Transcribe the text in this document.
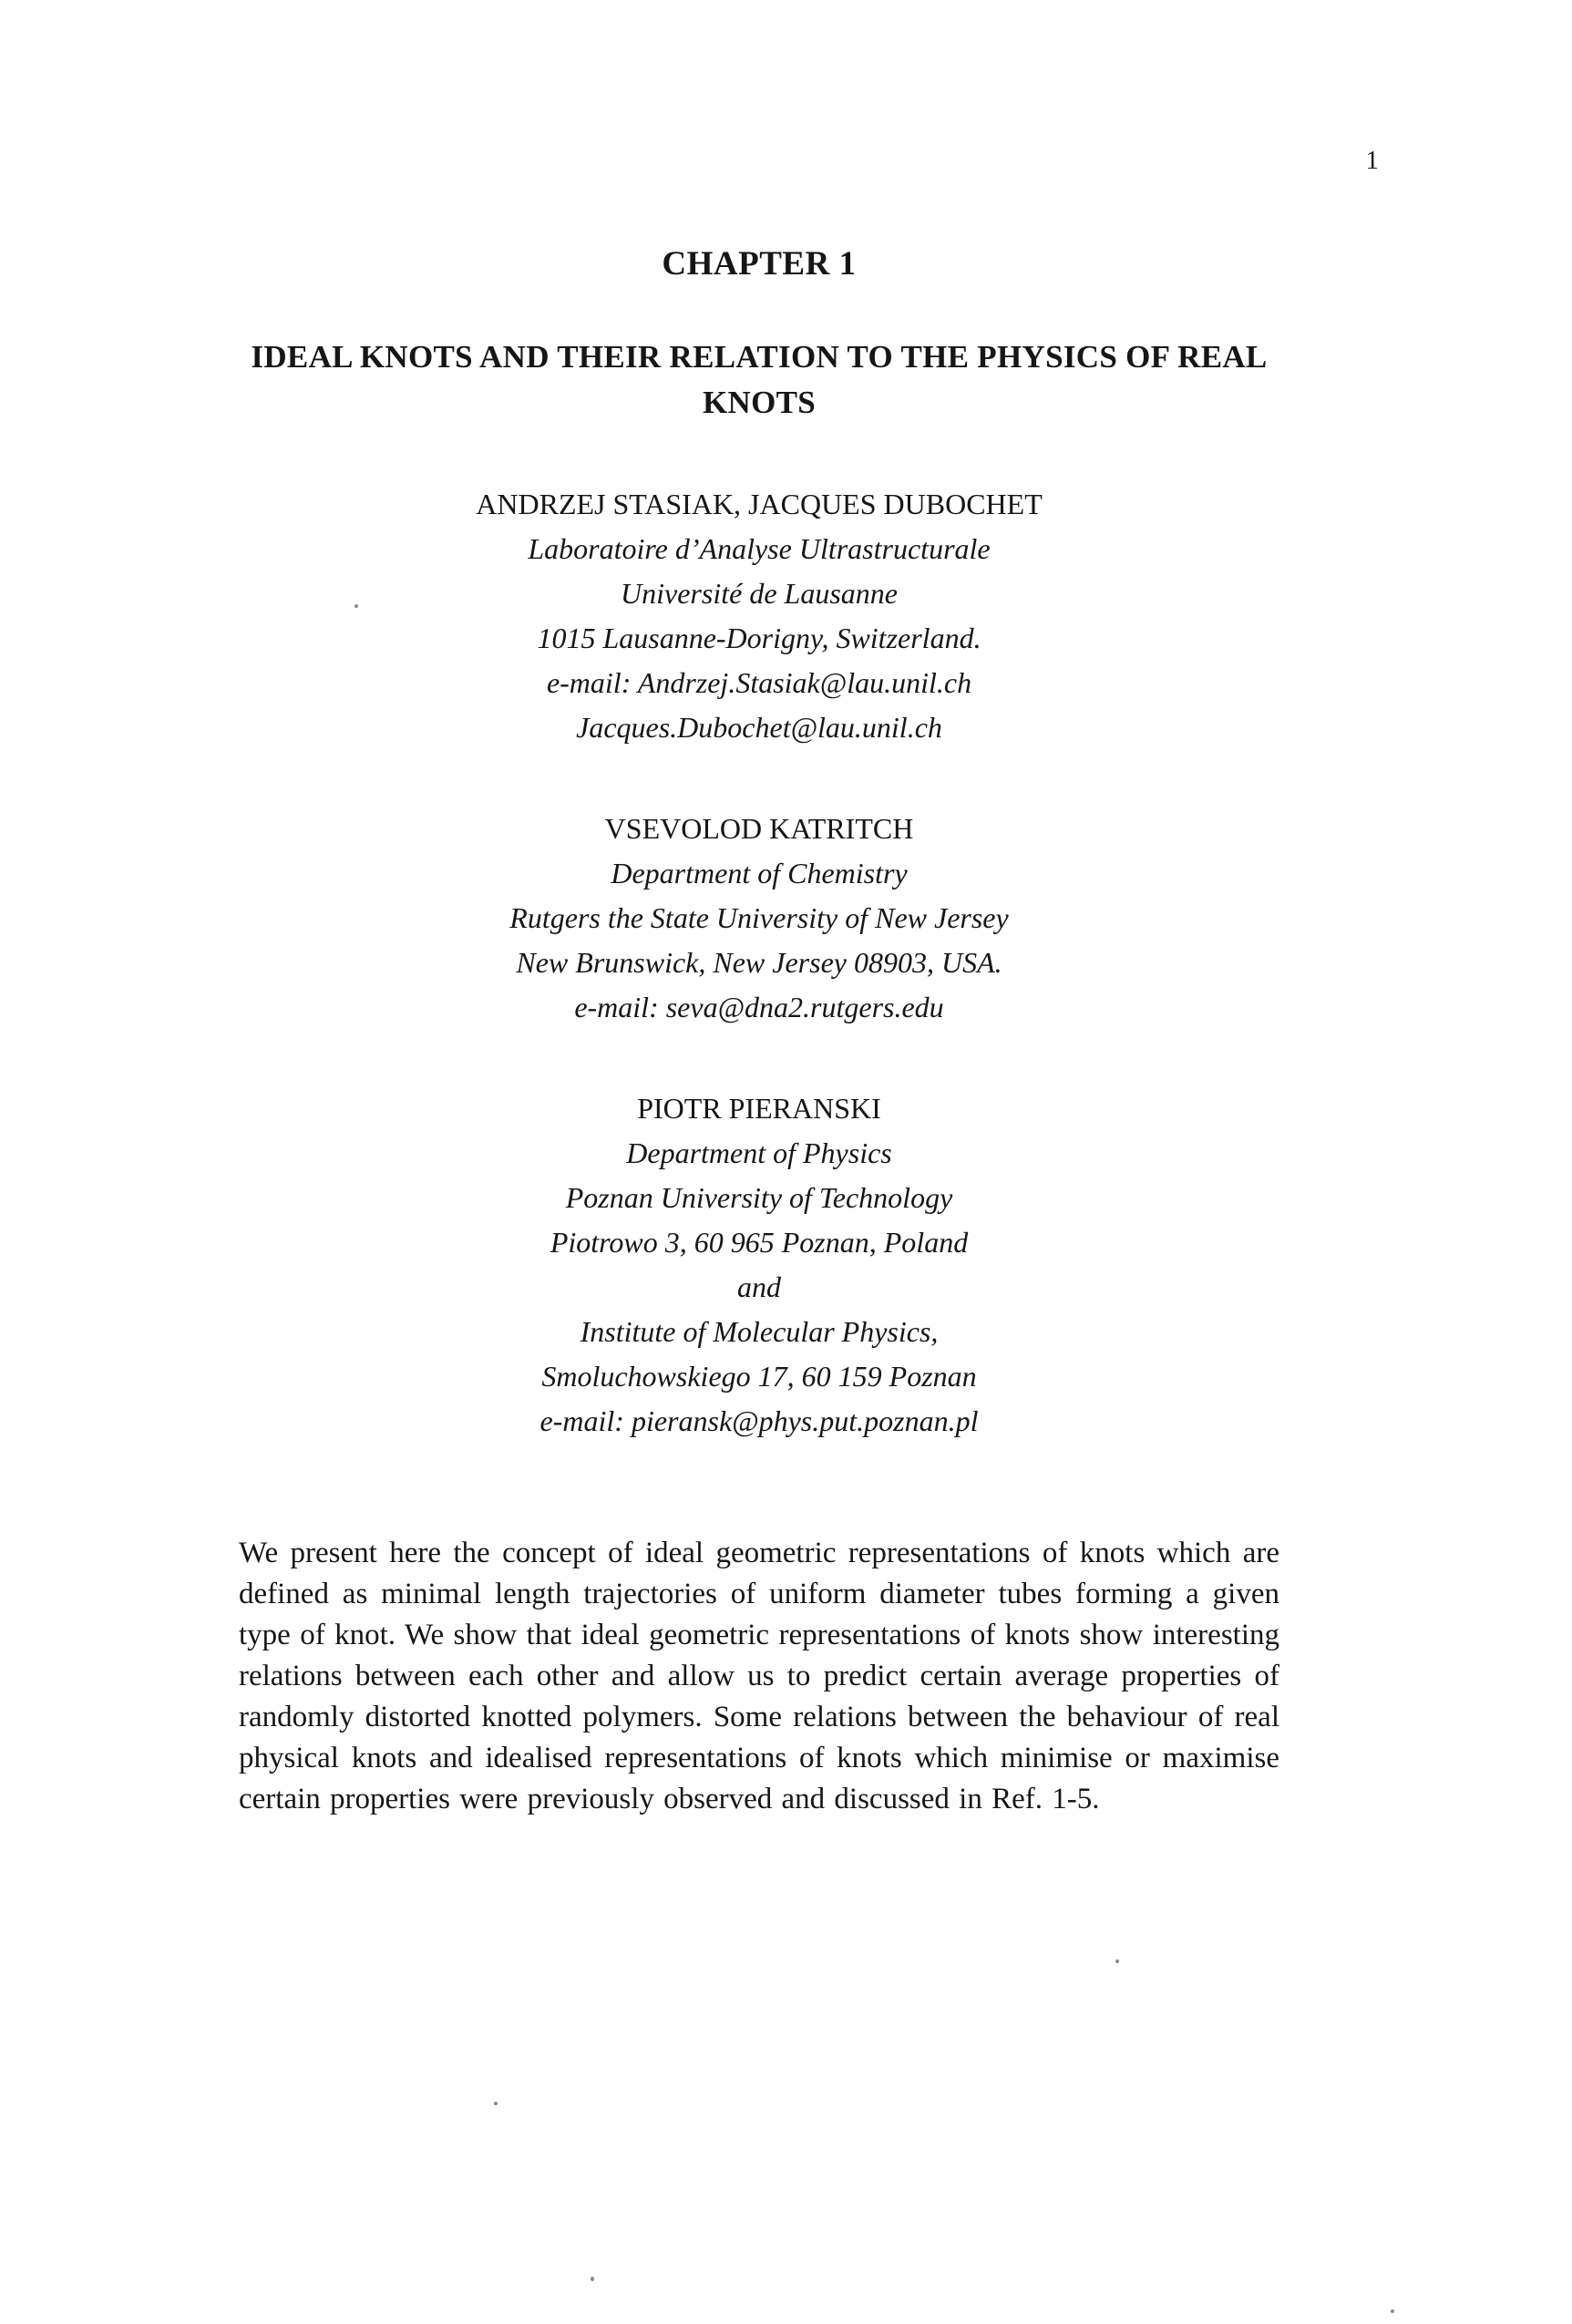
1
CHAPTER 1
IDEAL KNOTS AND THEIR RELATION TO THE PHYSICS OF REAL
KNOTS
ANDRZEJ STASIAK, JACQUES DUBOCHET
Laboratoire d’Analyse Ultrastructurale
Université de Lausanne
1015 Lausanne-Dorigny, Switzerland.
e-mail: Andrzej.Stasiak@lau.unil.ch
Jacques.Dubochet@lau.unil.ch
VSEVOLOD KATRITCH
Department of Chemistry
Rutgers the State University of New Jersey
New Brunswick, New Jersey 08903, USA.
e-mail: seva@dna2.rutgers.edu
PIOTR PIERANSKI
Department of Physics
Poznan University of Technology
Piotrowo 3, 60 965 Poznan, Poland
and
Institute of Molecular Physics,
Smoluchowskiego 17, 60 159 Poznan
e-mail: pieransk@phys.put.poznan.pl

We present here the concept of ideal geometric representations of knots which are defined as minimal length trajectories of uniform diameter tubes forming a given type of knot. We show that ideal geometric representations of knots show interesting relations between each other and allow us to predict certain average properties of randomly distorted knotted polymers. Some relations between the behaviour of real physical knots and idealised representations of knots which minimise or maximise certain properties were previously observed and discussed in Ref. 1-5.
